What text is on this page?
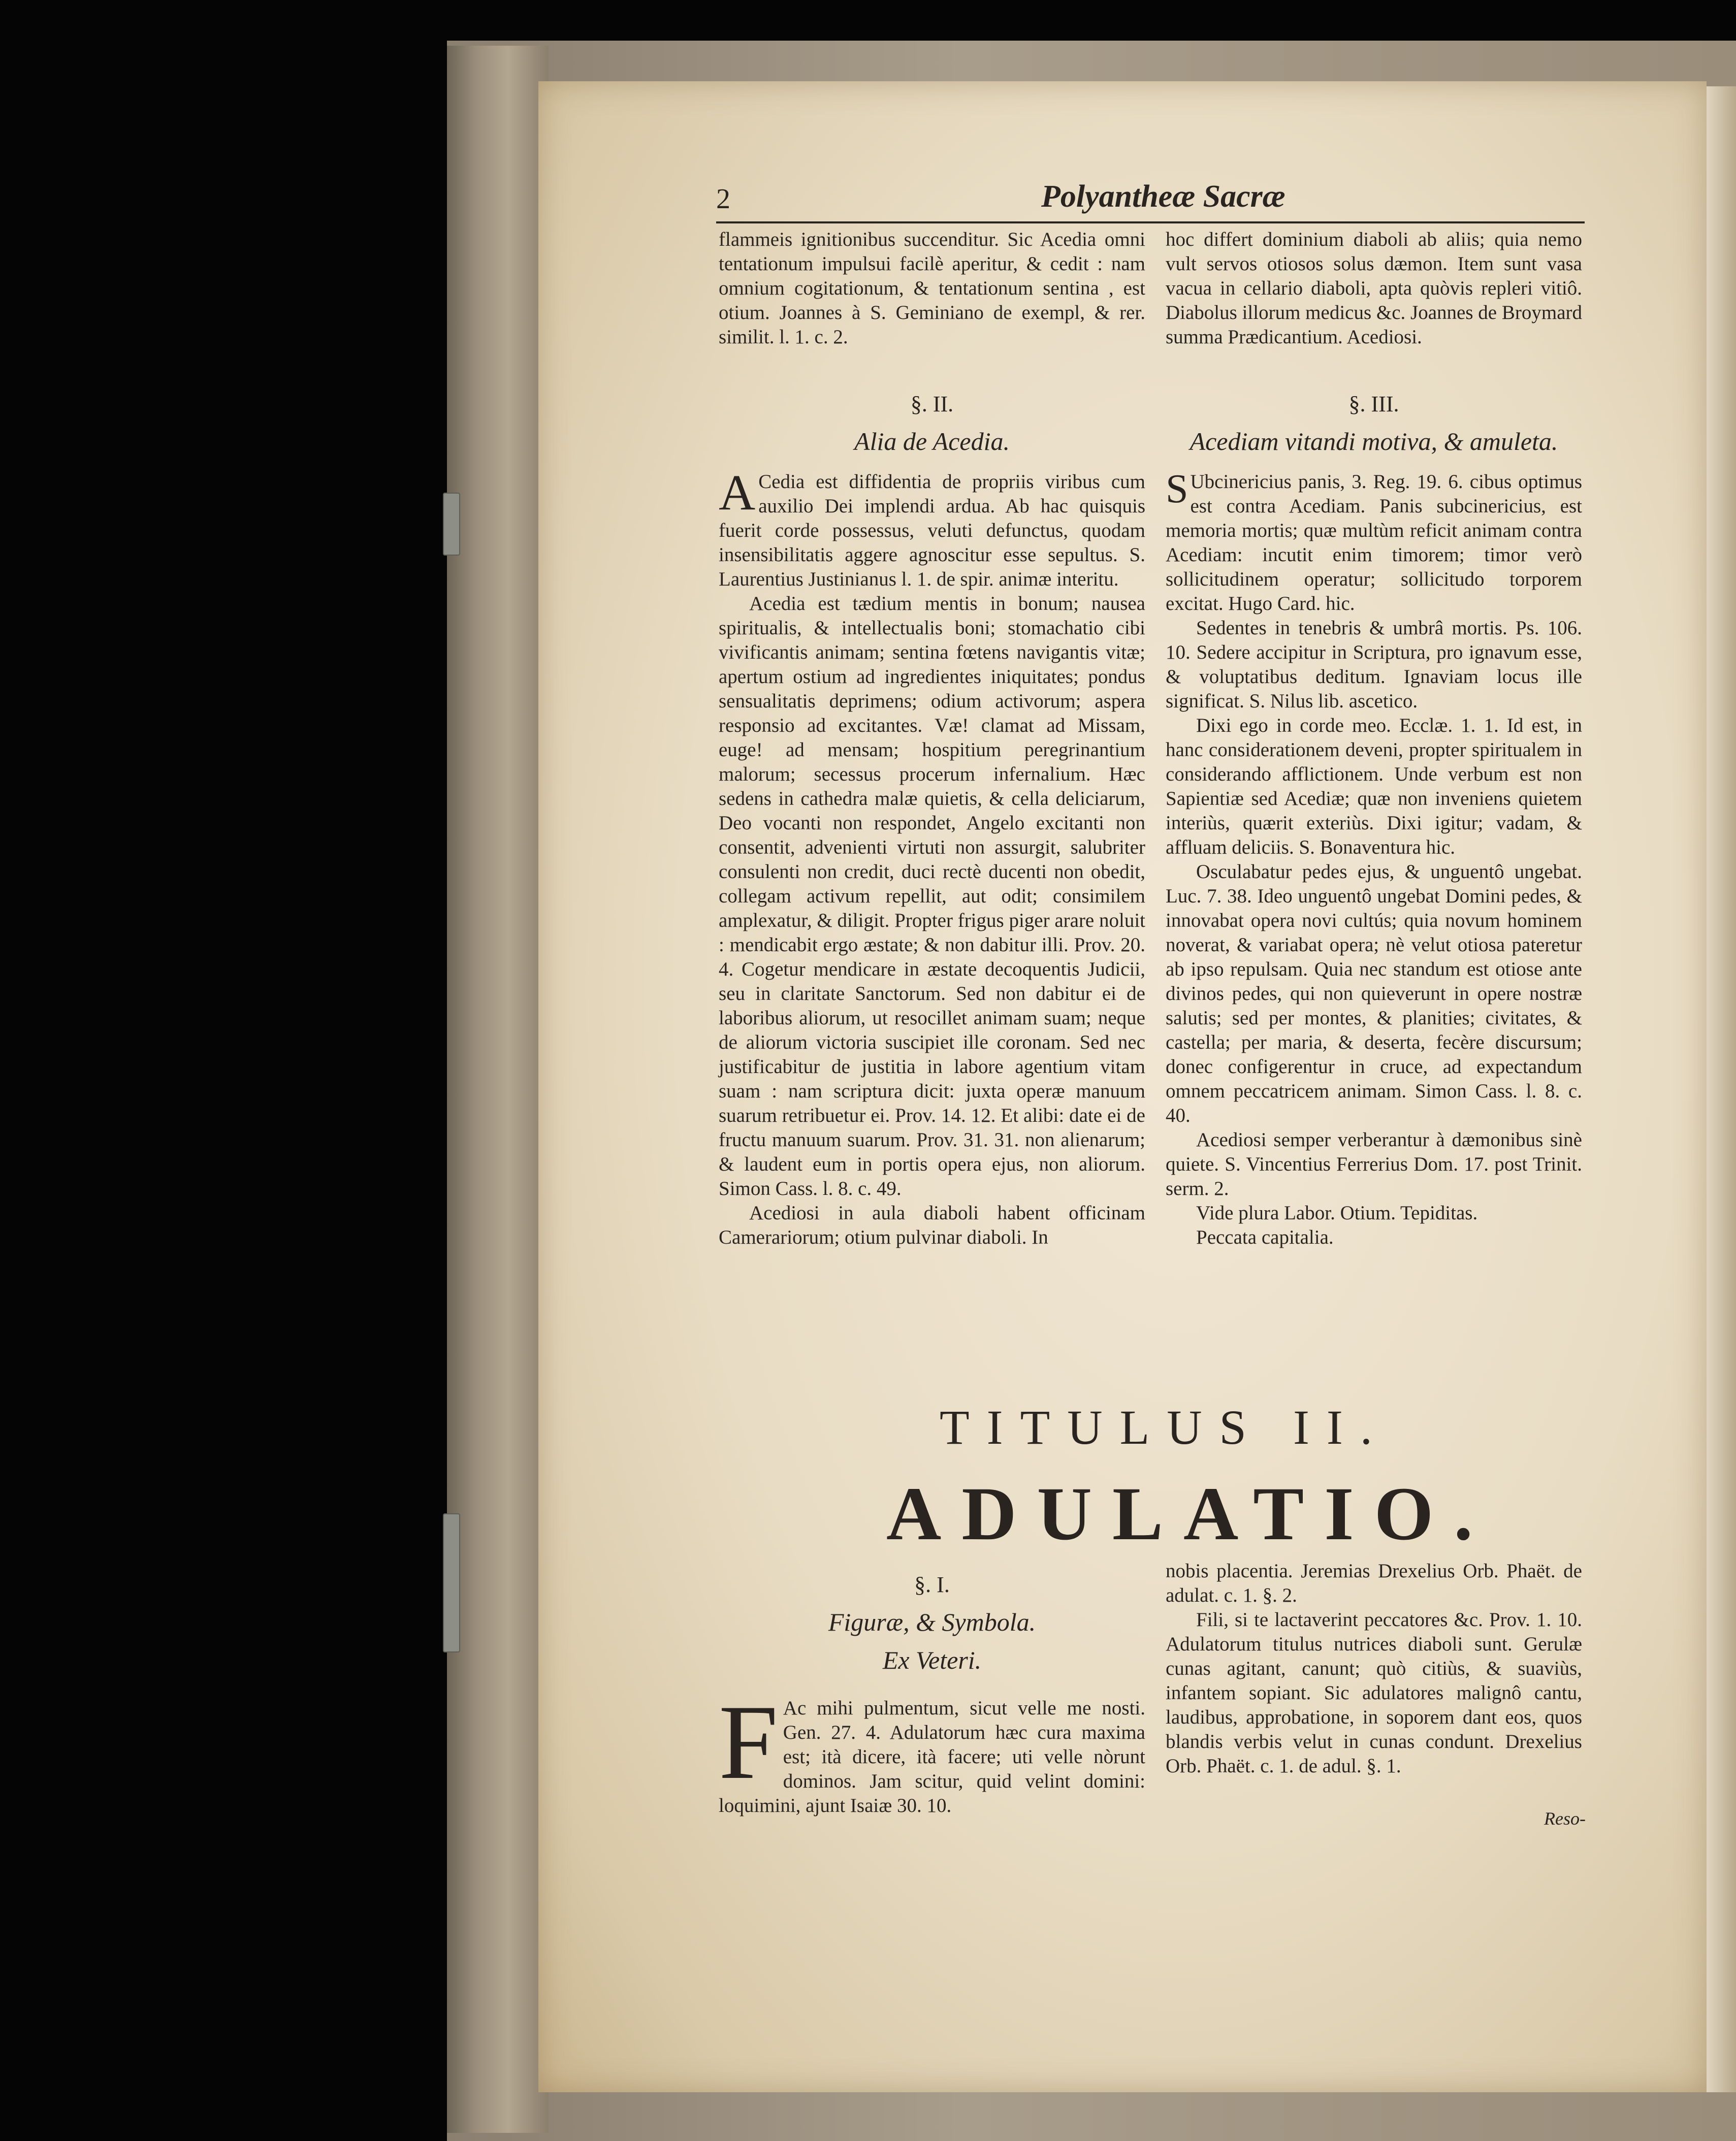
2	Polyantheæ Sacræ

flammeis ignitionibus succenditur. Sic Acedia omni tentationum impulsui facilè aperitur, & cedit : nam omnium cogitationum, & tentationum sentina , est otium. Joannes à S. Geminiano de exempl, & rer. similit. l. 1. c. 2.

hoc differt dominium diaboli ab aliis; quia nemo vult servos otiosos solus dæmon. Item sunt vasa vacua in cellario diaboli, apta quòvis repleri vitiô. Diabolus illorum medicus &c. Joannes de Broymard summa Prædicantium. Acediosi.

§. II.
Alia de Acedia.
§. III.
Acediam vitandi motiva, & amuleta.

A Cedia est diffidentia de propriis viribus cum auxilio Dei implendi ardua. Ab hac quisquis fuerit corde possessus, veluti defunctus, quodam insensibilitatis aggere agnoscitur esse sepultus. S. Laurentius Justinianus l. 1. de spir. animæ interitu.

Acedia est tædium mentis in bonum; nausea spiritualis, & intellectualis boni; stomachatio cibi vivificantis animam; sentina fœtens navigantis vitæ; apertum ostium ad ingredientes iniquitates; pondus sensualitatis deprimens; odium activorum; aspera responsio ad excitantes. Væ! clamat ad Missam, euge! ad mensam; hospitium peregrinantium malorum; secessus procerum infernalium. Hæc sedens in cathedra malæ quietis, & cella deliciarum, Deo vocanti non respondet, Angelo excitanti non consentit, advenienti virtuti non assurgit, salubriter consulenti non credit, duci rectè ducenti non obedit, collegam activum repellit, aut odit; consimilem amplexatur, & diligit. Propter frigus piger arare noluit : mendicabit ergo æstate; & non dabitur illi. Prov. 20. 4. Cogetur mendicare in æstate decoquentis Judicii, seu in claritate Sanctorum. Sed non dabitur ei de laboribus aliorum, ut resocillet animam suam; neque de aliorum victoria suscipiet ille coronam. Sed nec justificabitur de justitia in labore agentium vitam suam : nam scriptura dicit: juxta operæ manuum suarum retribuetur ei. Prov. 14. 12. Et alibi: date ei de fructu manuum suarum. Prov. 31. 31. non alienarum; & laudent eum in portis opera ejus, non aliorum. Simon Cass. l. 8. c. 49.

Acediosi in aula diaboli habent officinam Camerariorum; otium pulvinar diaboli. In

S Ubcinericius panis, 3. Reg. 19. 6. cibus optimus est contra Acediam. Panis subcinericius, est memoria mortis; quæ multùm reficit animam contra Acediam: incutit enim timorem; timor verò sollicitudinem operatur; sollicitudo torporem excitat. Hugo Card. hic.

Sedentes in tenebris & umbrâ mortis. Ps. 106. 10. Sedere accipitur in Scriptura, pro ignavum esse, & voluptatibus deditum. Ignaviam locus ille significat. S. Nilus lib. ascetico.

Dixi ego in corde meo. Ecclæ. 1. 1. Id est, in hanc considerationem deveni, propter spiritualem in considerando afflictionem. Unde verbum est non Sapientiæ sed Acediæ; quæ non inveniens quietem interiùs, quærit exteriùs. Dixi igitur; vadam, & affluam deliciis. S. Bonaventura hic.

Osculabatur pedes ejus, & unguentô ungebat. Luc. 7. 38. Ideo unguentô ungebat Domini pedes, & innovabat opera novi cultús; quia novum hominem noverat, & variabat opera; nè velut otiosa pateretur ab ipso repulsam. Quia nec standum est otiose ante divinos pedes, qui non quieverunt in opere nostræ salutis; sed per montes, & planities; civitates, & castella; per maria, & deserta, fecère discursum; donec configerentur in cruce, ad expectandum omnem peccatricem animam. Simon Cass. l. 8. c. 40.

Acediosi semper verberantur à dæmonibus sinè quiete. S. Vincentius Ferrerius Dom. 17. post Trinit. serm. 2.

Vide plura Labor. Otium. Tepiditas.

Peccata capitalia.

TITULUS II.
ADULATIO.
§. I.
Figuræ, & Symbola.
Ex Veteri.

F Ac mihi pulmentum, sicut velle me nosti. Gen. 27. 4. Adulatorum hæc cura maxima est; ità dicere, ità facere; uti velle nòrunt dominos. Jam scitur, quid velint domini: loquimini, ajunt Isaiæ 30. 10.

nobis placentia. Jeremias Drexelius Orb. Phaët. de adulat. c. 1. §. 2.

Fili, si te lactaverint peccatores &c. Prov. 1. 10. Adulatorum titulus nutrices diaboli sunt. Gerulæ cunas agitant, canunt; quò citiùs, & suaviùs, infantem sopiant. Sic adulatores malignô cantu, laudibus, approbatione, in soporem dant eos, quos blandis verbis velut in cunas condunt. Drexelius Orb. Phaët. c. 1. de adul. §. 1.

Reso-
